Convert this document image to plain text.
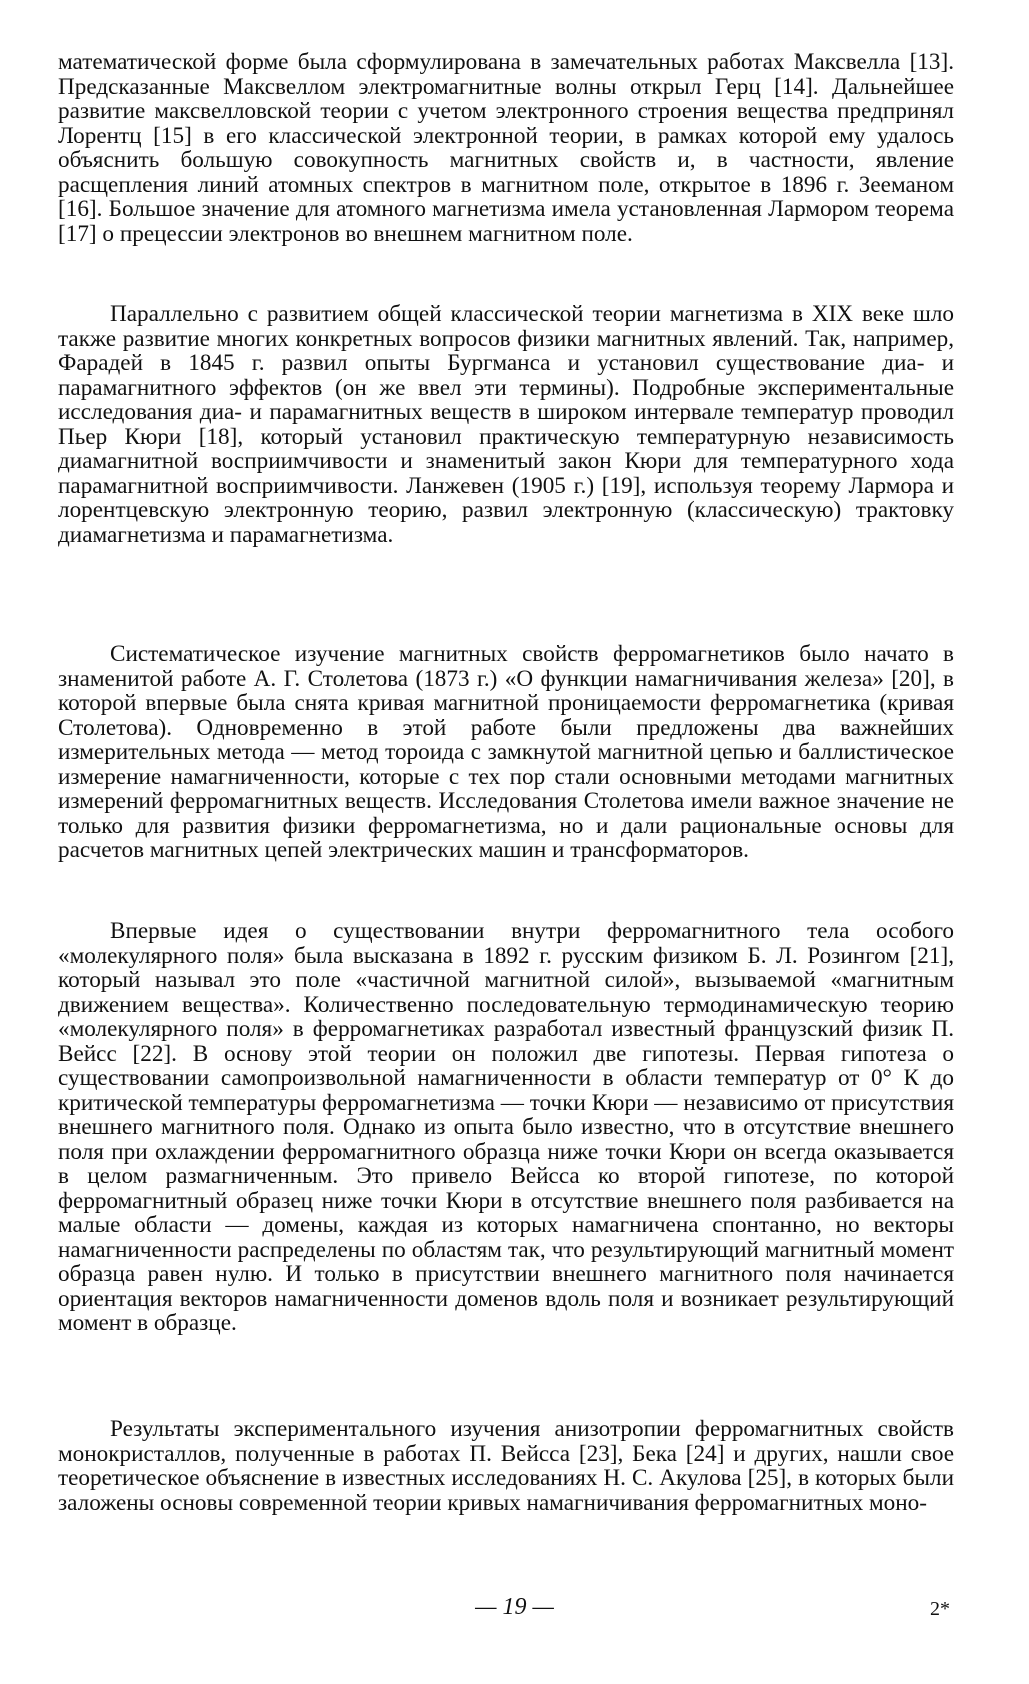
математической форме была сформулирована в замечательных работах Максвелла [13]. Предсказанные Максвеллом электромагнитные волны открыл Герц [14]. Дальнейшее развитие максвелловской теории с учетом электронного строения вещества предпринял Лорентц [15] в его классической электронной теории, в рамках которой ему удалось объяснить большую совокупность магнитных свойств и, в частности, явление расщепления линий атомных спектров в магнитном поле, открытое в 1896 г. Зееманом [16]. Большое значение для атомного магнетизма имела установленная Лармором теорема [17] о прецессии электронов во внешнем магнитном поле.

Параллельно с развитием общей классической теории магнетизма в XIX веке шло также развитие многих конкретных вопросов физики магнитных явлений. Так, например, Фарадей в 1845 г. развил опыты Бургманса и установил существование диа- и парамагнитного эффектов (он же ввел эти термины). Подробные экспериментальные исследования диа- и парамагнитных веществ в широком интервале температур проводил Пьер Кюри [18], который установил практическую температурную независимость диамагнитной восприимчивости и знаменитый закон Кюри для температурного хода парамагнитной восприимчивости. Ланжевен (1905 г.) [19], используя теорему Лармора и лорентцевскую электронную теорию, развил электронную (классическую) трактовку диамагнетизма и парамагнетизма.

Систематическое изучение магнитных свойств ферромагнетиков было начато в знаменитой работе А. Г. Столетова (1873 г.) «О функции намагничивания железа» [20], в которой впервые была снята кривая магнитной проницаемости ферромагнетика (кривая Столетова). Одновременно в этой работе были предложены два важнейших измерительных метода — метод тороида с замкнутой магнитной цепью и баллистическое измерение намагниченности, которые с тех пор стали основными методами магнитных измерений ферромагнитных веществ. Исследования Столетова имели важное значение не только для развития физики ферромагнетизма, но и дали рациональные основы для расчетов магнитных цепей электрических машин и трансформаторов.

Впервые идея о существовании внутри ферромагнитного тела особого «молекулярного поля» была высказана в 1892 г. русским физиком Б. Л. Розингом [21], который называл это поле «частичной магнитной силой», вызываемой «магнитным движением вещества». Количественно последовательную термодинамическую теорию «молекулярного поля» в ферромагнетиках разработал известный французский физик П. Вейсс [22]. В основу этой теории он положил две гипотезы. Первая гипотеза о существовании самопроизвольной намагниченности в области температур от 0° К до критической температуры ферромагнетизма — точки Кюри — независимо от присутствия внешнего магнитного поля. Однако из опыта было известно, что в отсутствие внешнего поля при охлаждении ферромагнитного образца ниже точки Кюри он всегда оказывается в целом размагниченным. Это привело Вейсса ко второй гипотезе, по которой ферромагнитный образец ниже точки Кюри в отсутствие внешнего поля разбивается на малые области — домены, каждая из которых намагничена спонтанно, но векторы намагниченности распределены по областям так, что результирующий магнитный момент образца равен нулю. И только в присутствии внешнего магнитного поля начинается ориентация векторов намагниченности доменов вдоль поля и возникает результирующий момент в образце.

Результаты экспериментального изучения анизотропии ферромагнитных свойств монокристаллов, полученные в работах П. Вейсса [23], Бека [24] и других, нашли свое теоретическое объяснение в известных исследованиях Н. С. Акулова [25], в которых были заложены основы современной теории кривых намагничивания ферромагнитных моно-

— 19 —	2*
